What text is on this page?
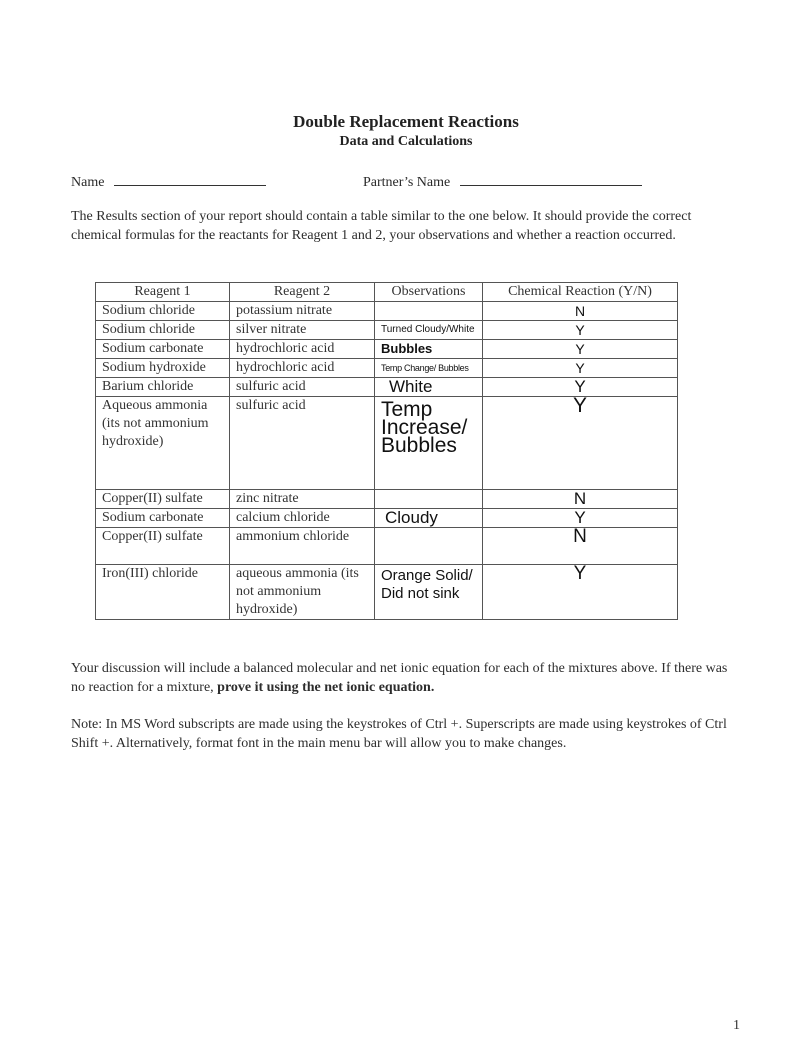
Double Replacement Reactions
Data and Calculations
Name	Partner’s Name
The Results section of your report should contain a table similar to the one below. It should provide the correct chemical formulas for the reactants for Reagent 1 and 2, your observations and whether a reaction occurred.
Reagent 1	Reagent 2	Observations	Chemical Reaction (Y/N)
Sodium chloride	potassium nitrate		N
Sodium chloride	silver nitrate	Turned Cloudy/White	Y
Sodium carbonate	hydrochloric acid	Bubbles	Y
Sodium hydroxide	hydrochloric acid	Temp Change/ Bubbles	Y
Barium chloride	sulfuric acid	White	Y
Aqueous ammonia (its not ammonium hydroxide)	sulfuric acid	Temp Increase/ Bubbles	Y
Copper(II) sulfate	zinc nitrate		N
Sodium carbonate	calcium chloride	Cloudy	Y
Copper(II) sulfate	ammonium chloride		N
Iron(III) chloride	aqueous ammonia (its not ammonium hydroxide)	Orange Solid/ Did not sink	Y
Your discussion will include a balanced molecular and net ionic equation for each of the mixtures above. If there was no reaction for a mixture, prove it using the net ionic equation.
Note: In MS Word subscripts are made using the keystrokes of Ctrl +. Superscripts are made using keystrokes of Ctrl Shift +. Alternatively, format font in the main menu bar will allow you to make changes.
1
